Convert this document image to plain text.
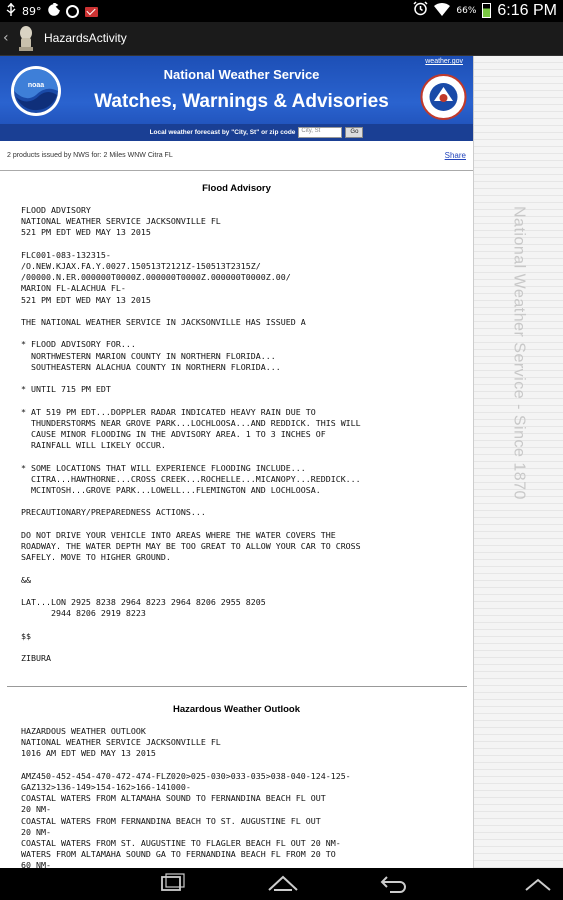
89°	66% 6:16 PM
‹	HazardsActivity
noaa
weather.gov
National Weather Service
Watches, Warnings & Advisories
Local weather forecast by "City, St" or zip code	City, St	Go
2 products issued by NWS for: 2 Miles WNW Citra FL	Share
Flood Advisory
FLOOD ADVISORY
NATIONAL WEATHER SERVICE JACKSONVILLE FL
521 PM EDT WED MAY 13 2015

FLC001-083-132315-
/O.NEW.KJAX.FA.Y.0027.150513T2121Z-150513T2315Z/
/00000.N.ER.000000T0000Z.000000T0000Z.000000T0000Z.00/
MARION FL-ALACHUA FL-
521 PM EDT WED MAY 13 2015

THE NATIONAL WEATHER SERVICE IN JACKSONVILLE HAS ISSUED A

* FLOOD ADVISORY FOR...
NORTHWESTERN MARION COUNTY IN NORTHERN FLORIDA...
SOUTHEASTERN ALACHUA COUNTY IN NORTHERN FLORIDA...

* UNTIL 715 PM EDT

* AT 519 PM EDT...DOPPLER RADAR INDICATED HEAVY RAIN DUE TO
THUNDERSTORMS NEAR GROVE PARK...LOCHLOOSA...AND REDDICK. THIS WILL
CAUSE MINOR FLOODING IN THE ADVISORY AREA. 1 TO 3 INCHES OF
RAINFALL WILL LIKELY OCCUR.

* SOME LOCATIONS THAT WILL EXPERIENCE FLOODING INCLUDE...
CITRA...HAWTHORNE...CROSS CREEK...ROCHELLE...MICANOPY...REDDICK...
MCINTOSH...GROVE PARK...LOWELL...FLEMINGTON AND LOCHLOOSA.

PRECAUTIONARY/PREPAREDNESS ACTIONS...

DO NOT DRIVE YOUR VEHICLE INTO AREAS WHERE THE WATER COVERS THE
ROADWAY. THE WATER DEPTH MAY BE TOO GREAT TO ALLOW YOUR CAR TO CROSS
SAFELY. MOVE TO HIGHER GROUND.

&&

LAT...LON 2925 8238 2964 8223 2964 8206 2955 8205
2944 8206 2919 8223

$$

ZIBURA
Hazardous Weather Outlook
HAZARDOUS WEATHER OUTLOOK
NATIONAL WEATHER SERVICE JACKSONVILLE FL
1016 AM EDT WED MAY 13 2015

AMZ450-452-454-470-472-474-FLZ020>025-030>033-035>038-040-124-125-
GAZ132>136-149>154-162>166-141000-
COASTAL WATERS FROM ALTAMAHA SOUND TO FERNANDINA BEACH FL OUT
20 NM-
COASTAL WATERS FROM FERNANDINA BEACH TO ST. AUGUSTINE FL OUT
20 NM-
COASTAL WATERS FROM ST. AUGUSTINE TO FLAGLER BEACH FL OUT 20 NM-
WATERS FROM ALTAMAHA SOUND GA TO FERNANDINA BEACH FL FROM 20 TO
60 NM-
National Weather Service - Since 1870
